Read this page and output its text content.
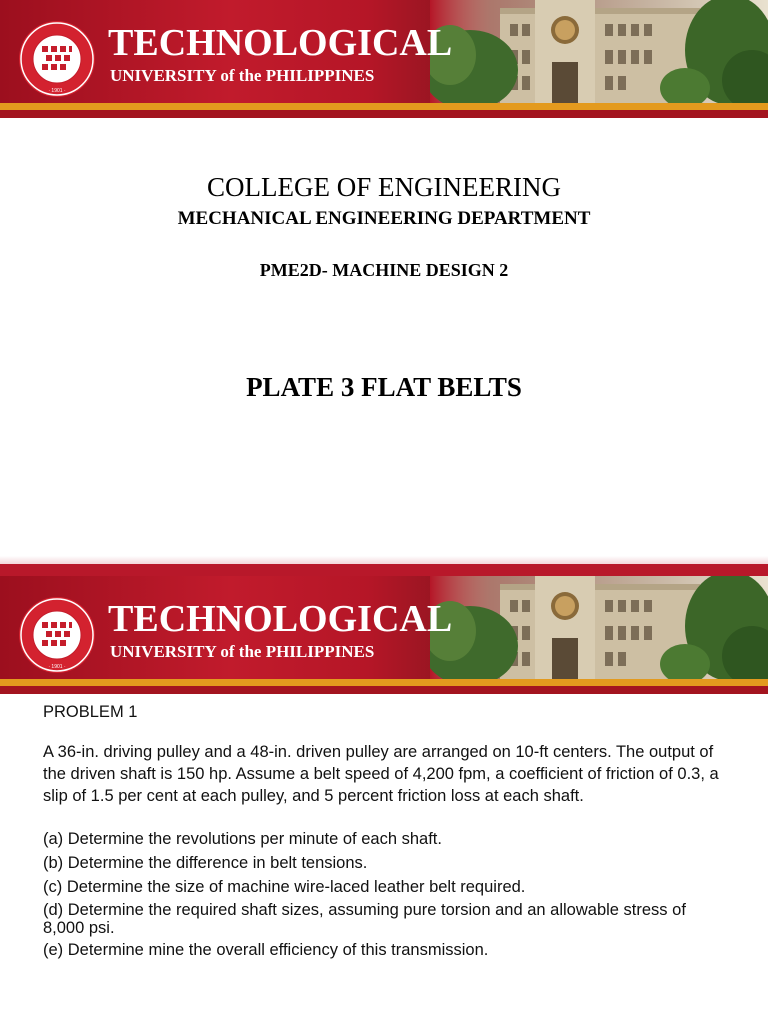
· 1901 ·
TECHNOLOGICAL
UNIVERSITY of the PHILIPPINES
COLLEGE OF ENGINEERING
MECHANICAL ENGINEERING DEPARTMENT
PME2D- MACHINE DESIGN 2
PLATE 3 FLAT BELTS
· 1901 ·
TECHNOLOGICAL
UNIVERSITY of the PHILIPPINES

PROBLEM 1

A 36-in. driving pulley and a 48-in. driven pulley are arranged on 10-ft centers. The output of the driven shaft is 150 hp. Assume a belt speed of 4,200 fpm, a coefficient of friction of 0.3, a slip of 1.5 per cent at each pulley, and 5 percent friction loss at each shaft.

(a) Determine the revolutions per minute of each shaft.

(b) Determine the difference in belt tensions.

(c) Determine the size of machine wire-laced leather belt required.

(d) Determine the required shaft sizes, assuming pure torsion and an allowable stress of 8,000 psi.

(e) Determine mine the overall efficiency of this transmission.
